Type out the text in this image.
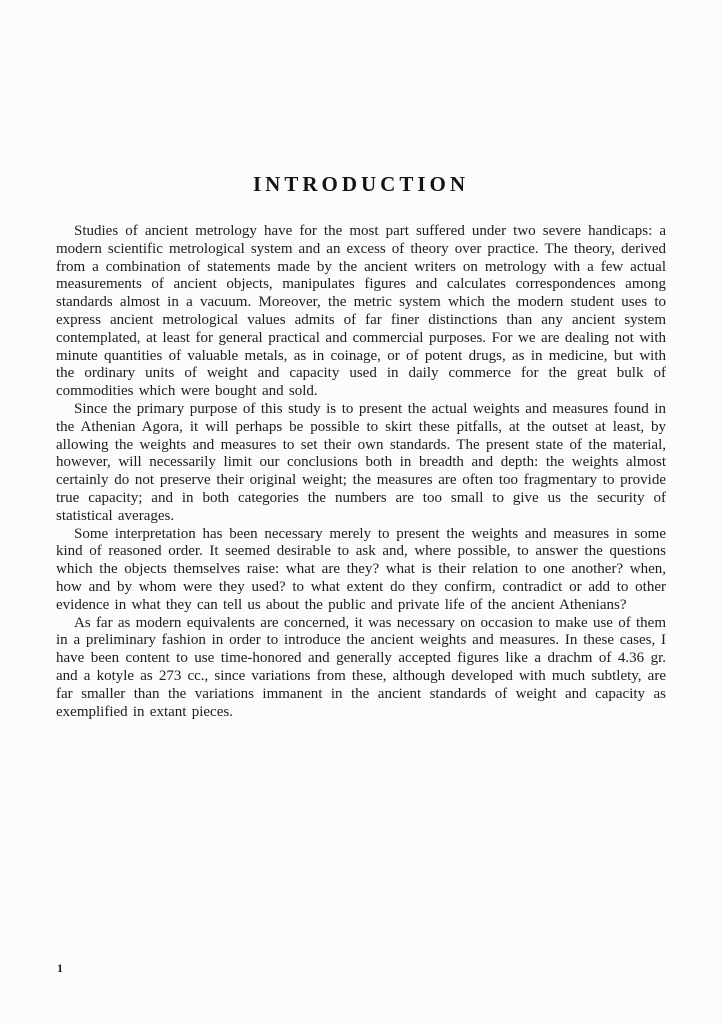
INTRODUCTION

Studies of ancient metrology have for the most part suffered under two severe handicaps: a modern scientific metrological system and an excess of theory over practice. The theory, derived from a combination of statements made by the ancient writers on metrology with a few actual measurements of ancient objects, manipulates figures and calculates correspondences among standards almost in a vacuum. Moreover, the metric system which the modern student uses to express ancient metrological values admits of far finer distinctions than any ancient system contemplated, at least for general practical and commercial purposes. For we are dealing not with minute quantities of valuable metals, as in coinage, or of potent drugs, as in medicine, but with the ordinary units of weight and capacity used in daily commerce for the great bulk of commodities which were bought and sold.

Since the primary purpose of this study is to present the actual weights and measures found in the Athenian Agora, it will perhaps be possible to skirt these pitfalls, at the outset at least, by allowing the weights and measures to set their own standards. The present state of the material, however, will necessarily limit our conclusions both in breadth and depth: the weights almost certainly do not preserve their original weight; the measures are often too fragmentary to provide true capacity; and in both categories the numbers are too small to give us the security of statistical averages.

Some interpretation has been necessary merely to present the weights and measures in some kind of reasoned order. It seemed desirable to ask and, where possible, to answer the questions which the objects themselves raise: what are they? what is their relation to one another? when, how and by whom were they used? to what extent do they confirm, contradict or add to other evidence in what they can tell us about the public and private life of the ancient Athenians?

As far as modern equivalents are concerned, it was necessary on occasion to make use of them in a preliminary fashion in order to introduce the ancient weights and measures. In these cases, I have been content to use time-honored and generally accepted figures like a drachm of 4.36 gr. and a kotyle as 273 cc., since variations from these, although developed with much subtlety, are far smaller than the variations immanent in the ancient standards of weight and capacity as exemplified in extant pieces.

1
